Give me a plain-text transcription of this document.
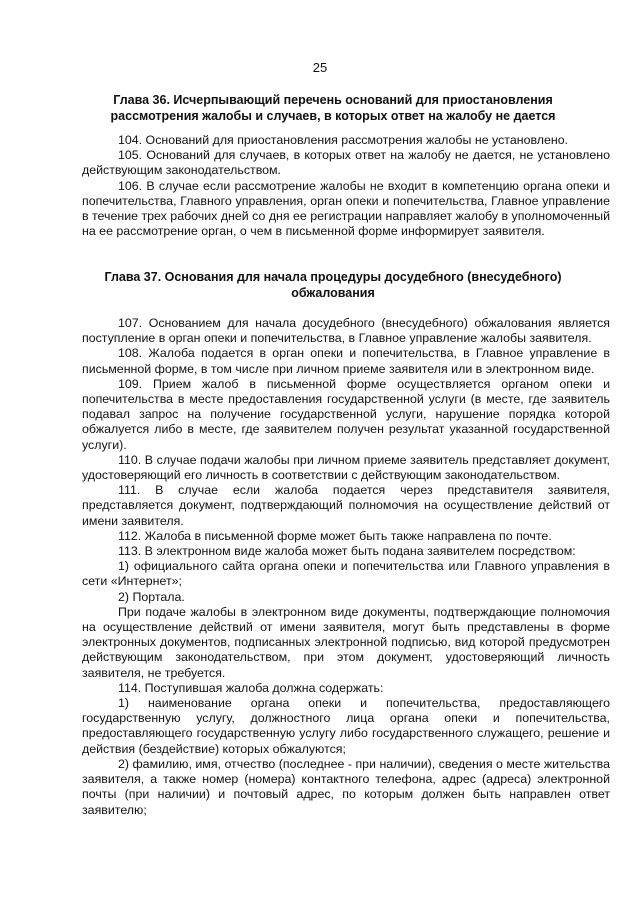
25
Глава 36. Исчерпывающий перечень оснований для приостановления
рассмотрения жалобы и случаев, в которых ответ на жалобу не дается

104. Оснований для приостановления рассмотрения жалобы не установлено.

105. Оснований для случаев, в которых ответ на жалобу не дается, не установлено действующим законодательством.

106. В случае если рассмотрение жалобы не входит в компетенцию органа опеки и попечительства, Главного управления, орган опеки и попечительства, Главное управление в течение трех рабочих дней со дня ее регистрации направляет жалобу в уполномоченный на ее рассмотрение орган, о чем в письменной форме информирует заявителя.

Глава 37. Основания для начала процедуры досудебного (внесудебного)
обжалования

107. Основанием для начала досудебного (внесудебного) обжалования является поступление в орган опеки и попечительства, в Главное управление жалобы заявителя.

108. Жалоба подается в орган опеки и попечительства, в Главное управление в письменной форме, в том числе при личном приеме заявителя или в электронном виде.

109. Прием жалоб в письменной форме осуществляется органом опеки и попечительства в месте предоставления государственной услуги (в месте, где заявитель подавал запрос на получение государственной услуги, нарушение порядка которой обжалуется либо в месте, где заявителем получен результат указанной государственной услуги).

110. В случае подачи жалобы при личном приеме заявитель представляет документ, удостоверяющий его личность в соответствии с действующим законодательством.

111. В случае если жалоба подается через представителя заявителя, представляется документ, подтверждающий полномочия на осуществление действий от имени заявителя.

112. Жалоба в письменной форме может быть также направлена по почте.

113. В электронном виде жалоба может быть подана заявителем посредством:

1) официального сайта органа опеки и попечительства или Главного управления в сети «Интернет»;

2) Портала.

При подаче жалобы в электронном виде документы, подтверждающие полномочия на осуществление действий от имени заявителя, могут быть представлены в форме электронных документов, подписанных электронной подписью, вид которой предусмотрен действующим законодательством, при этом документ, удостоверяющий личность заявителя, не требуется.

114. Поступившая жалоба должна содержать:

1) наименование органа опеки и попечительства, предоставляющего государственную услугу, должностного лица органа опеки и попечительства, предоставляющего государственную услугу либо государственного служащего, решение и действия (бездействие) которых обжалуются;

2) фамилию, имя, отчество (последнее - при наличии), сведения о месте жительства заявителя, а также номер (номера) контактного телефона, адрес (адреса) электронной почты (при наличии) и почтовый адрес, по которым должен быть направлен ответ заявителю;
